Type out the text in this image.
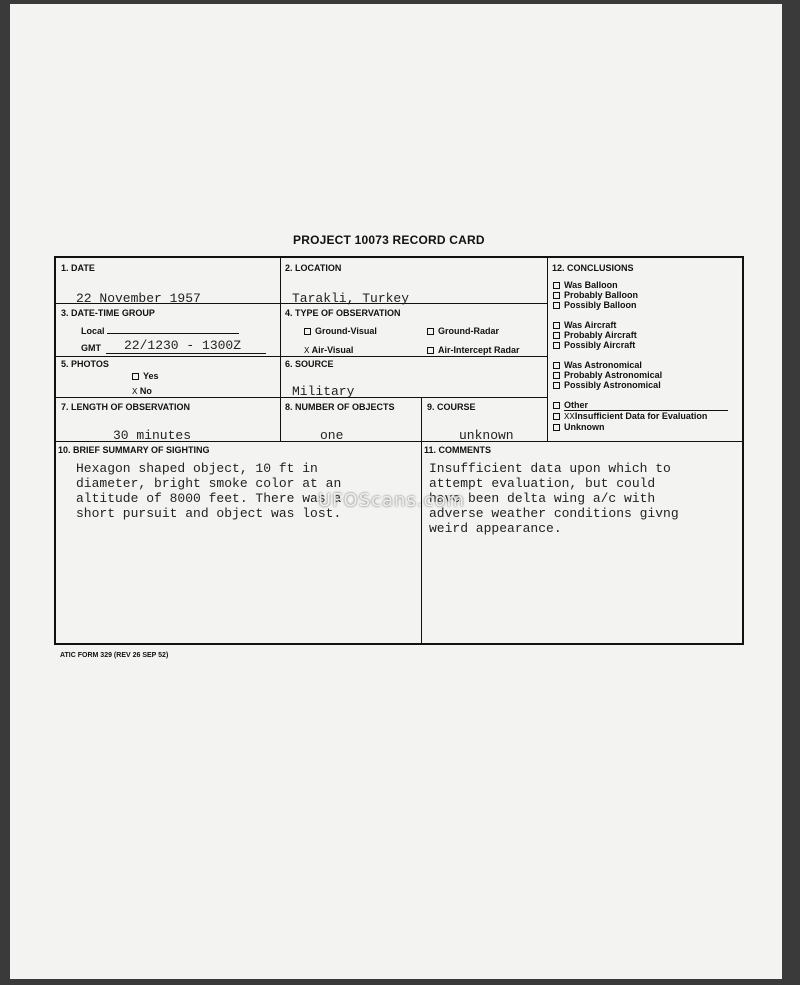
PROJECT 10073 RECORD CARD
1. DATE
22 November 1957
2. LOCATION
Tarakli, Turkey
12. CONCLUSIONS
Was Balloon
Probably Balloon
Possibly Balloon
Was Aircraft
Probably Aircraft
Possibly Aircraft
Was Astronomical
Probably Astronomical
Possibly Astronomical
Other
XXInsufficient Data for Evaluation
Unknown
3. DATE-TIME GROUP
Local
GMT 22/1230 - 1300Z
4. TYPE OF OBSERVATION
Ground-Visual	Ground-Radar
X Air-Visual	Air-Intercept Radar
5. PHOTOS
Yes
X No
6. SOURCE
Military
7. LENGTH OF OBSERVATION
30 minutes
8. NUMBER OF OBJECTS
one
9. COURSE
unknown
10. BRIEF SUMMARY OF SIGHTING
Hexagon shaped object, 10 ft in
diameter, bright smoke color at an
altitude of 8000 feet. There was a
short pursuit and object was lost.
11. COMMENTS
Insufficient data upon which to
attempt evaluation, but could
have been delta wing a/c with
adverse weather conditions givng
weird appearance.
UFOScans.com
ATIC FORM 329 (REV 26 SEP 52)
